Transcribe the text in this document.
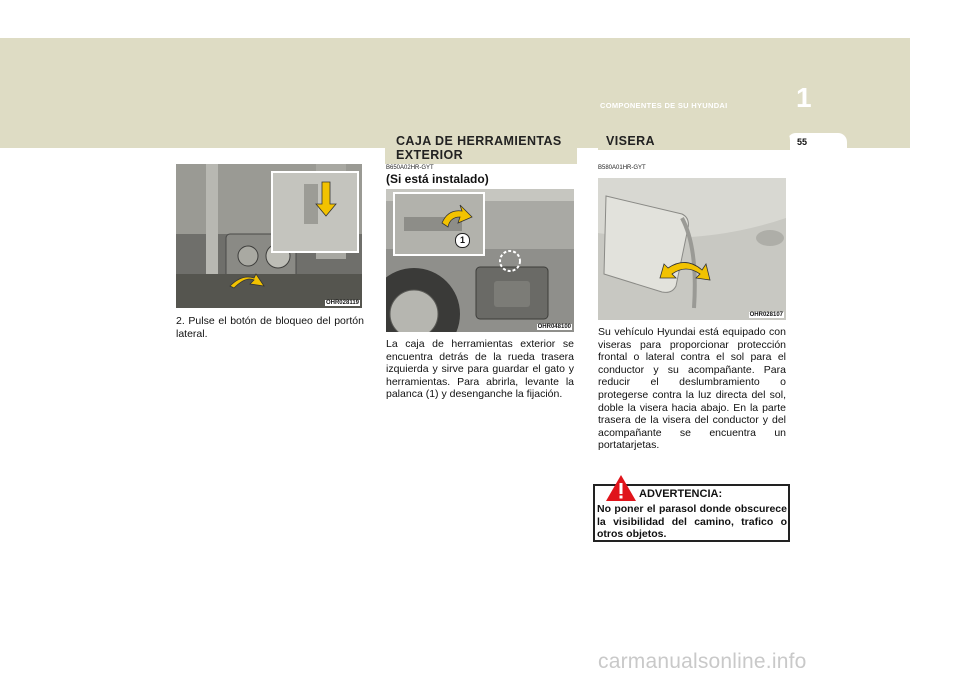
COMPONENTES DE SU HYUNDAI 1
55
OHR028119
2. Pulse el botón de bloqueo del portón lateral.
CAJA DE HERRAMIENTAS
EXTERIOR
B650A02HR-GYT
(Si está instalado)
1
OHR048100
La caja de herramientas exterior se encuentra detrás de la rueda trasera izquierda y sirve para guardar el gato y herramientas. Para abrirla, levante la palanca (1) y desenganche la fijación.
VISERA
B580A01HR-GYT
OHR028107
Su vehículo Hyundai está equipado con viseras para proporcionar protección frontal o lateral contra el sol para el conductor y su acompañante. Para reducir el deslumbramiento o protegerse contra la luz directa del sol, doble la visera hacia abajo. En la parte trasera de la visera del conductor y del acompañante se encuentra un portatarjetas.
ADVERTENCIA:
No poner el parasol donde obscurece la visibilidad del camino, trafico o otros objetos.
carmanualsonline.info
